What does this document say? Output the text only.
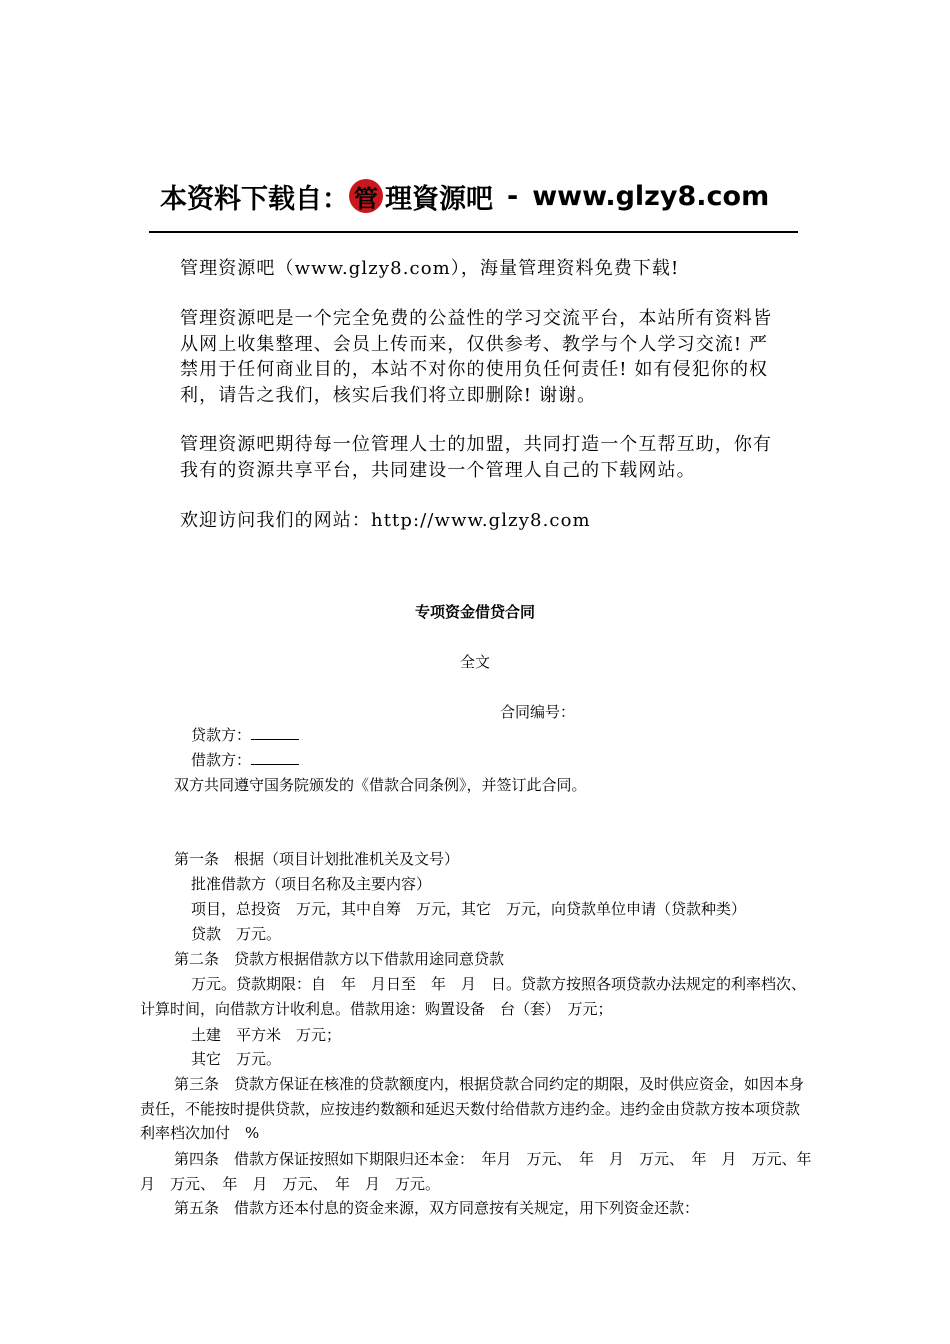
本资料下载自： 管 理資源吧 - www.glzy8.com
管理资源吧（www.glzy8.com），海量管理资料免费下载!
管理资源吧是一个完全免费的公益性的学习交流平台，本站所有资料皆从网上收集整理、会员上传而来，仅供参考、教学与个人学习交流! 严禁用于任何商业目的，本站不对你的使用负任何责任! 如有侵犯你的权利，请告之我们，核实后我们将立即删除! 谢谢。
管理资源吧期待每一位管理人士的加盟，共同打造一个互帮互助，你有我有的资源共享平台，共同建设一个管理人自己的下载网站。
欢迎访问我们的网站：http://www.glzy8.com
专项资金借贷合同
全文
合同编号：
贷款方：
借款方：
双方共同遵守国务院颁发的《借款合同条例》，并签订此合同。
第一条　根据（项目计划批准机关及文号）
批准借款方（项目名称及主要内容）
项目，总投资　万元，其中自筹　万元，其它　万元，向贷款单位申请（贷款种类）
贷款　万元。
第二条　贷款方根据借款方以下借款用途同意贷款
万元。贷款期限：自　年　月日至　年　月　日。贷款方按照各项贷款办法规定的利率档次、计算时间，向借款方计收利息。借款用途：购置设备　台（套）　万元；
土建　平方米　万元；
其它　万元。
第三条　贷款方保证在核准的贷款额度内，根据贷款合同约定的期限，及时供应资金，如因本身责任，不能按时提供贷款，应按违约数额和延迟天数付给借款方违约金。违约金由贷款方按本项贷款利率档次加付　%
第四条　借款方保证按照如下期限归还本金：　年月　万元、　年　月　万元、　年　月　万元、年　月　万元、　年　月　万元、　年　月　万元。
第五条　借款方还本付息的资金来源，双方同意按有关规定，用下列资金还款：
